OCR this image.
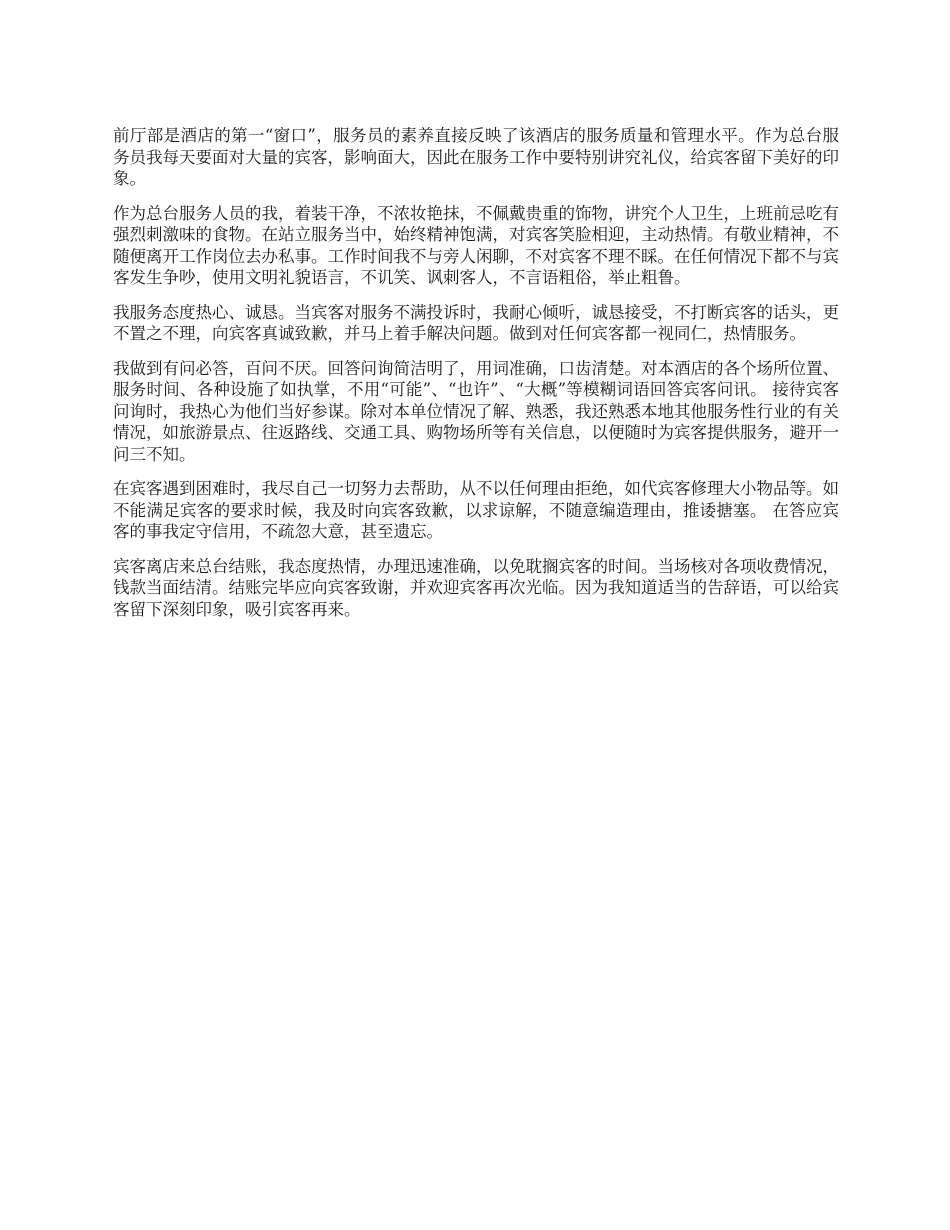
前厅部是酒店的第一“窗口”，服务员的素养直接反映了该酒店的服务质量和管理水平。作为总台服务员我每天要面对大量的宾客，影响面大，因此在服务工作中要特别讲究礼仪，给宾客留下美好的印象。

作为总台服务人员的我，着装干净，不浓妆艳抹，不佩戴贵重的饰物，讲究个人卫生，上班前忌吃有强烈刺激味的食物。在站立服务当中，始终精神饱满，对宾客笑脸相迎，主动热情。有敬业精神，不随便离开工作岗位去办私事。工作时间我不与旁人闲聊，不对宾客不理不睬。在任何情况下都不与宾客发生争吵，使用文明礼貌语言，不讥笑、讽刺客人，不言语粗俗，举止粗鲁。

我服务态度热心、诚恳。当宾客对服务不满投诉时，我耐心倾听，诚恳接受，不打断宾客的话头，更不置之不理，向宾客真诚致歉，并马上着手解决问题。做到对任何宾客都一视同仁，热情服务。

我做到有问必答，百问不厌。回答问询简洁明了，用词准确，口齿清楚。对本酒店的各个场所位置、服务时间、各种设施了如执掌，不用“可能”、“也许”、“大概”等模糊词语回答宾客问讯。 接待宾客问询时，我热心为他们当好参谋。除对本单位情况了解、熟悉，我还熟悉本地其他服务性行业的有关情况，如旅游景点、往返路线、交通工具、购物场所等有关信息，以便随时为宾客提供服务，避开一问三不知。

在宾客遇到困难时，我尽自己一切努力去帮助，从不以任何理由拒绝，如代宾客修理大小物品等。如不能满足宾客的要求时候，我及时向宾客致歉，以求谅解，不随意编造理由，推诿搪塞。 在答应宾客的事我定守信用，不疏忽大意，甚至遗忘。

宾客离店来总台结账，我态度热情，办理迅速准确，以免耽搁宾客的时间。当场核对各项收费情况，钱款当面结清。结账完毕应向宾客致谢，并欢迎宾客再次光临。因为我知道适当的告辞语，可以给宾客留下深刻印象，吸引宾客再来。
